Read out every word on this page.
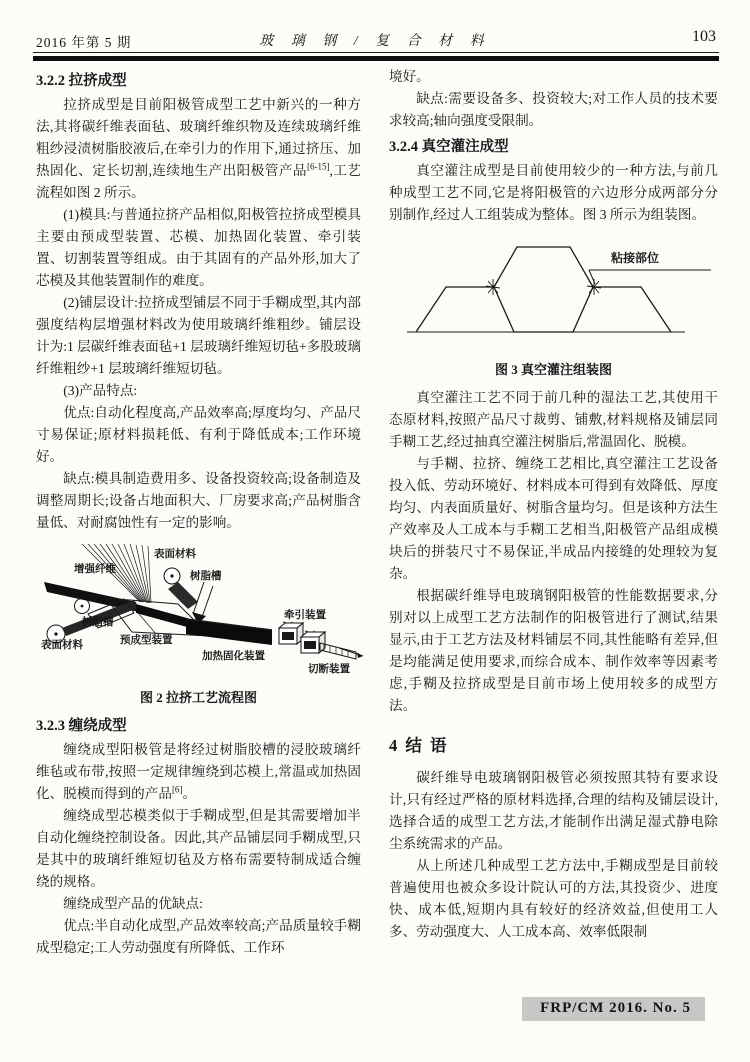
2016 年第 5 期	玻 璃 钢 / 复 合 材 料	103

3.2.2 拉挤成型

拉挤成型是目前阳极管成型工艺中新兴的一种方法,其将碳纤维表面毡、玻璃纤维织物及连续玻璃纤维粗纱浸渍树脂胶液后,在牵引力的作用下,通过挤压、加热固化、定长切割,连续地生产出阳极管产品[6-15],工艺流程如图 2 所示。

(1)模具:与普通拉挤产品相似,阳极管拉挤成型模具主要由预成型装置、芯模、加热固化装置、牵引装置、切割装置等组成。由于其固有的产品外形,加大了芯模及其他装置制作的难度。

(2)铺层设计:拉挤成型铺层不同于手糊成型,其内部强度结构层增强材料改为使用玻璃纤维粗纱。铺层设计为:1 层碳纤维表面毡+1 层玻璃纤维短切毡+多股玻璃纤维粗纱+1 层玻璃纤维短切毡。

(3)产品特点:

优点:自动化程度高,产品效率高;厚度均匀、产品尺寸易保证;原材料损耗低、有利于降低成本;工作环境好。

缺点:模具制造费用多、设备投资较高;设备制造及调整周期长;设备占地面积大、厂房要求高;产品树脂含量低、对耐腐蚀性有一定的影响。

增强纤维
表面材料
树脂槽
树脂槽
表面材料	预成型装置
加热固化装置
牵引装置
切断装置

图 2 拉挤工艺流程图

3.2.3 缠绕成型

缠绕成型阳极管是将经过树脂胶槽的浸胶玻璃纤维毡或布带,按照一定规律缠绕到芯模上,常温或加热固化、脱模而得到的产品[6]。

缠绕成型芯模类似于手糊成型,但是其需要增加半自动化缠绕控制设备。因此,其产品铺层同手糊成型,只是其中的玻璃纤维短切毡及方格布需要特制成适合缠绕的规格。

缠绕成型产品的优缺点:

优点:半自动化成型,产品效率较高;产品质量较手糊成型稳定;工人劳动强度有所降低、工作环

境好。

缺点:需要设备多、投资较大;对工作人员的技术要求较高;轴向强度受限制。

3.2.4 真空灌注成型

真空灌注成型是目前使用较少的一种方法,与前几种成型工艺不同,它是将阳极管的六边形分成两部分分别制作,经过人工组装成为整体。图 3 所示为组装图。

粘接部位

图 3 真空灌注组装图

真空灌注工艺不同于前几种的湿法工艺,其使用干态原材料,按照产品尺寸裁剪、铺敷,材料规格及铺层同手糊工艺,经过抽真空灌注树脂后,常温固化、脱模。

与手糊、拉挤、缠绕工艺相比,真空灌注工艺设备投入低、劳动环境好、材料成本可得到有效降低、厚度均匀、内表面质量好、树脂含量均匀。但是该种方法生产效率及人工成本与手糊工艺相当,阳极管产品组成模块后的拼装尺寸不易保证,半成品内接缝的处理较为复杂。

根据碳纤维导电玻璃钢阳极管的性能数据要求,分别对以上成型工艺方法制作的阳极管进行了测试,结果显示,由于工艺方法及材料铺层不同,其性能略有差异,但是均能满足使用要求,而综合成本、制作效率等因素考虑,手糊及拉挤成型是目前市场上使用较多的成型方法。

4 结 语

碳纤维导电玻璃钢阳极管必须按照其特有要求设计,只有经过严格的原材料选择,合理的结构及铺层设计,选择合适的成型工艺方法,才能制作出满足湿式静电除尘系统需求的产品。

从上所述几种成型工艺方法中,手糊成型是目前较普遍使用也被众多设计院认可的方法,其投资少、进度快、成本低,短期内具有较好的经济效益,但使用工人多、劳动强度大、人工成本高、效率低限制

FRP/CM 2016. No. 5
